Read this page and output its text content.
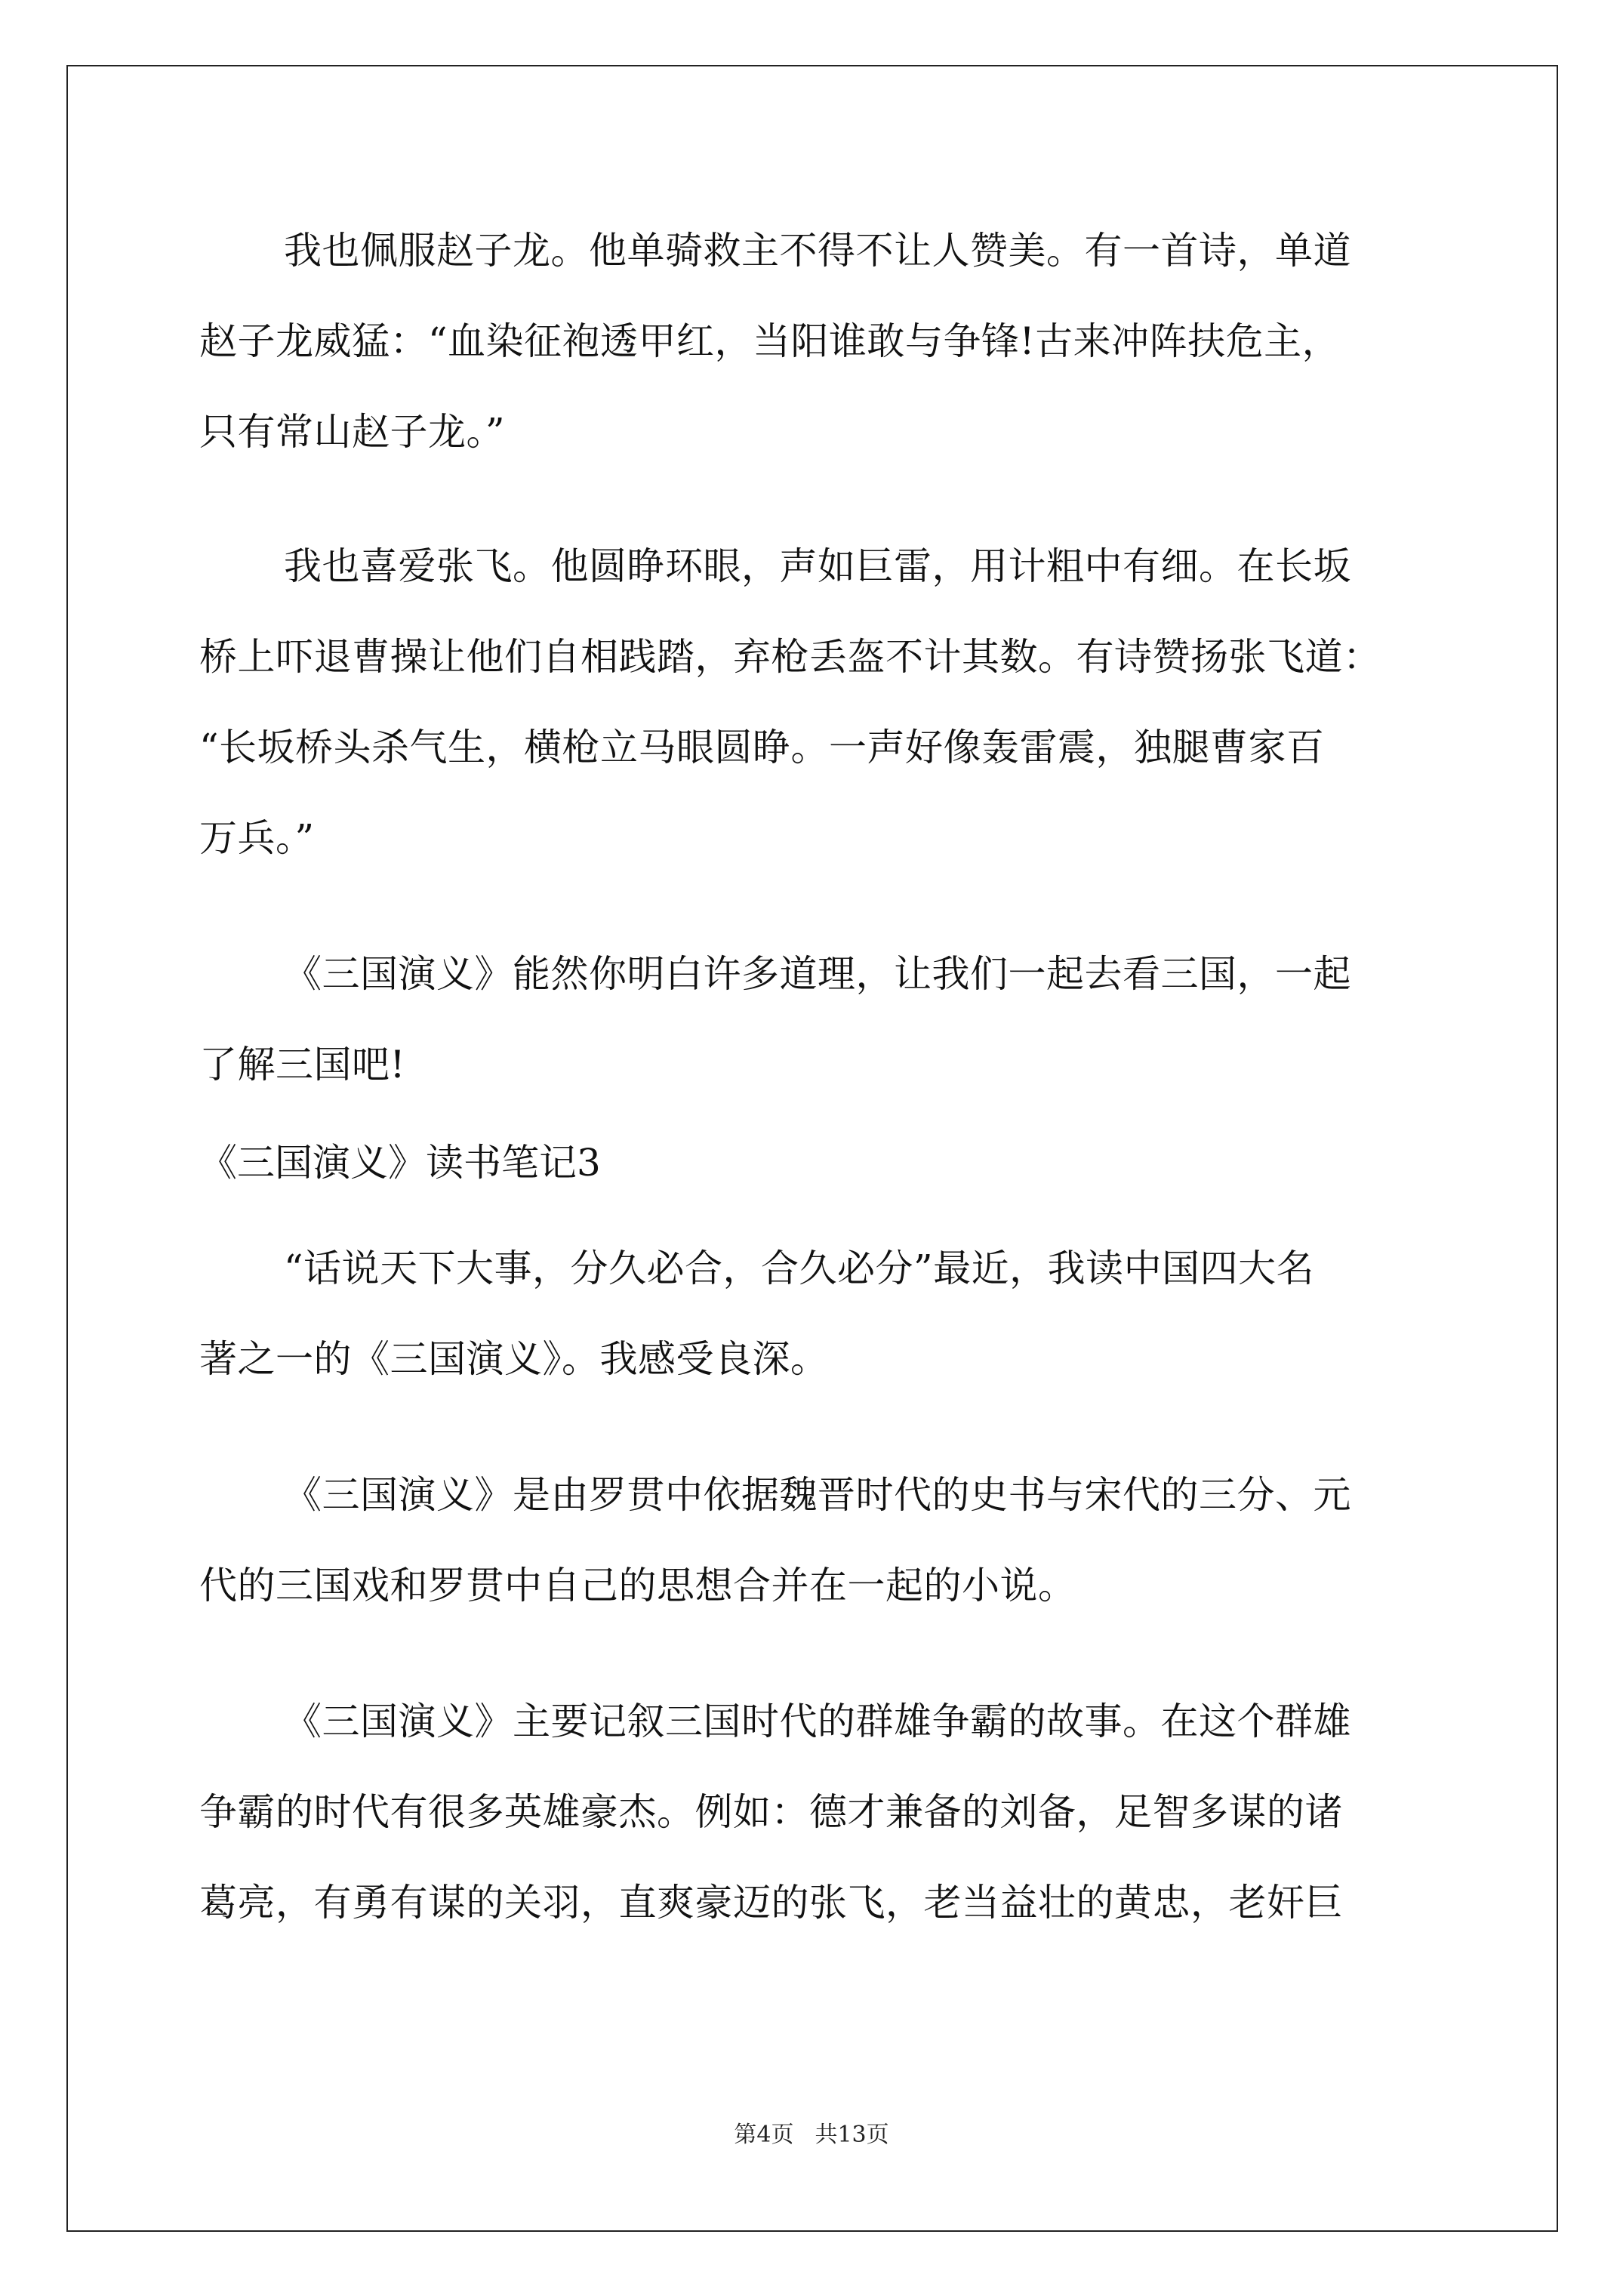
我也佩服赵子龙。他单骑救主不得不让人赞美。有一首诗，单道
赵子龙威猛：“血染征袍透甲红，当阳谁敢与争锋!古来冲阵扶危主，
只有常山赵子龙。”
我也喜爱张飞。他圆睁环眼，声如巨雷，用计粗中有细。在长坂
桥上吓退曹操让他们自相践踏，弃枪丢盔不计其数。有诗赞扬张飞道：
“长坂桥头杀气生，横枪立马眼圆睁。一声好像轰雷震，独腿曹家百
万兵。”
《三国演义》能然你明白许多道理，让我们一起去看三国，一起
了解三国吧!
《三国演义》读书笔记3
“话说天下大事，分久必合，合久必分”最近，我读中国四大名
著之一的《三国演义》。我感受良深。
《三国演义》是由罗贯中依据魏晋时代的史书与宋代的三分、元
代的三国戏和罗贯中自己的思想合并在一起的小说。
《三国演义》主要记叙三国时代的群雄争霸的故事。在这个群雄
争霸的时代有很多英雄豪杰。例如：德才兼备的刘备，足智多谋的诸
葛亮，有勇有谋的关羽，直爽豪迈的张飞，老当益壮的黄忠，老奸巨
第4页 共13页
